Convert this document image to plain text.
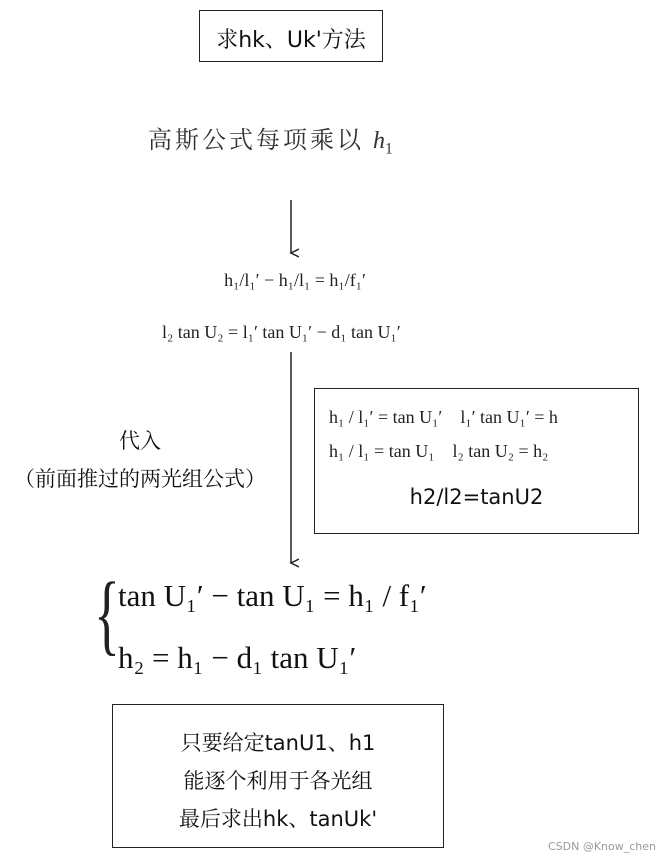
求hk、Uk'方法
高斯公式每项乘以 $h_1$
h₁/l₁′ − h₁/l₁ = h₁/f₁′
l₂ tan U₂ = l₁′ tan U₁′ − d₁ tan U₁′
代入
（前面推过的两光组公式）
h₁ / l₁′ = tan U₁′    l₁′ tan U₁′ = h
h₁ / l₁ = tan U₁    l₂ tan U₂ = h₂
h2/l2=tanU2
{
tan U₁′ − tan U₁ = h₁ / f₁′
h₂ = h₁ − d₁ tan U₁′
只要给定tanU1、h1
能逐个利用于各光组
最后求出hk、tanUk'
CSDN @Know_chen
